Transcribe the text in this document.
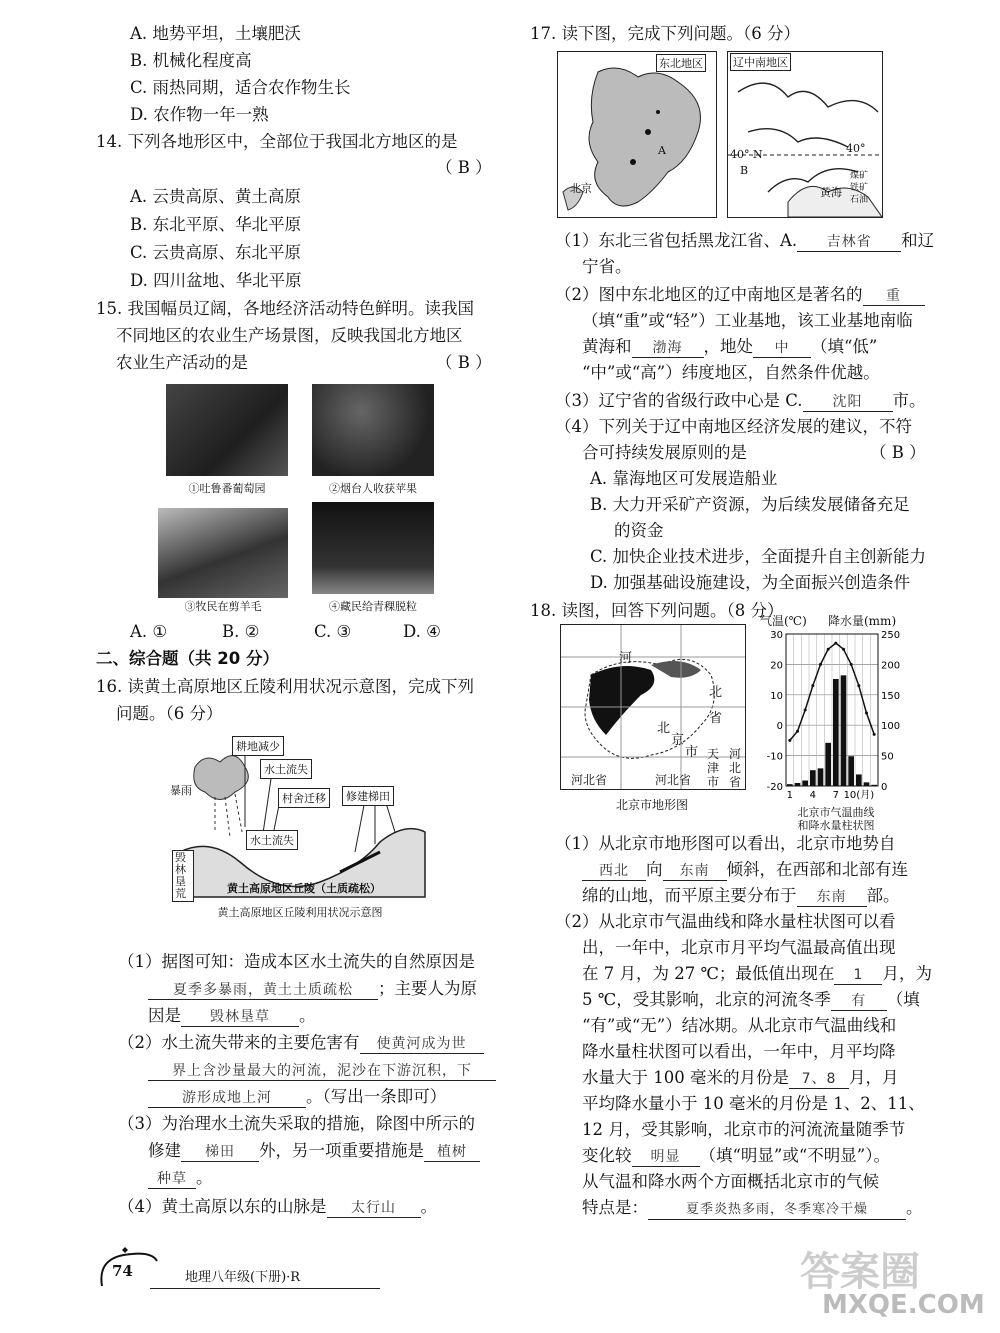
A. 地势平坦，土壤肥沃
B. 机械化程度高
C. 雨热同期，适合农作物生长
D. 农作物一年一熟
14. 下列各地形区中，全部位于我国北方地区的是
（ B ）
A. 云贵高原、黄土高原
B. 东北平原、华北平原
C. 云贵高原、东北平原
D. 四川盆地、华北平原
15. 我国幅员辽阔，各地经济活动特色鲜明。读我国
不同地区的农业生产场景图，反映我国北方地区
农业生产活动的是	（ B ）
①吐鲁番葡萄园	②烟台人收获苹果
③牧民在剪羊毛	④藏民给青稞脱粒
A. ①	B. ②	C. ③	D. ④
二、综合题（共 20 分）
16. 读黄土高原地区丘陵利用状况示意图，完成下列
问题。（6 分）
耕地减少
水土流失
村舍迁移	修建梯田
暴雨
水土流失
毁林垦荒	黄土高原地区丘陵（土质疏松）
黄土高原地区丘陵利用状况示意图
（1）据图可知：造成本区水土流失的自然原因是
夏季多暴雨，黄土土质疏松 ；主要人为原
因是 毁林垦草 。
（2）水土流失带来的主要危害有 使黄河成为世
界上含沙量最大的河流，泥沙在下游沉积，下
游形成地上河 。（写出一条即可）
（3）为治理水土流失采取的措施，除图中所示的
修建 梯田 外，另一项重要措施是 植树
种草 。
（4）黄土高原以东的山脉是 太行山 。
17. 读下图，完成下列问题。（6 分）
东北地区
北京
A
辽中南地区
B
黄海
40° N	40°
煤矿
铁矿
石油
（1）东北三省包括黑龙江省、A. 吉林省 和辽
宁省。
（2）图中东北地区的辽中南地区是著名的 重
（填“重”或“轻”）工业基地，该工业基地南临
黄海和 渤海 ，地处 中 （填“低”
“中”或“高”）纬度地区，自然条件优越。
（3）辽宁省的省级行政中心是 C. 沈阳 市。
（4）下列关于辽中南地区经济发展的建议，不符
合可持续发展原则的是	（ B ）
A. 靠海地区可发展造船业
B. 大力开采矿产资源，为后续发展储备充足
的资金
C. 加快企业技术进步，全面提升自主创新能力
D. 加强基础设施建设，为全面振兴创造条件
18. 读图，回答下列问题。（8 分）
河
北
省
北
京
市 天
津
市
河
北
省
河北省	河北省
北京市地形图
气温(℃) 降水量(mm)
30
20
10
0
-10
-20
250
200
150
100
50
0
1 4 7 10(月)
北京市气温曲线
和降水量柱状图
（1）从北京市地形图可以看出，北京市地势自
西北 向 东南 倾斜，在西部和北部有连
绵的山地，而平原主要分布于 东南 部。
（2）从北京市气温曲线和降水量柱状图可以看
出，一年中，北京市月平均气温最高值出现
在 7 月，为 27 ℃；最低值出现在 1 月，为
5 ℃，受其影响，北京的河流冬季 有 （填
“有”或“无”）结冰期。从北京市气温曲线和
降水量柱状图可以看出，一年中，月平均降
水量大于 100 毫米的月份是 7、8 月，月
平均降水量小于 10 毫米的月份是 1、2、11、
12 月，受其影响，北京市的河流流量随季节
变化较 明显 （填“明显”或“不明显”）。
从气温和降水两个方面概括北京市的气候
特点是：	夏季炎热多雨，冬季寒冷干燥 。
74	地理八年级(下册)·R	答案圈
MXQE.COM
